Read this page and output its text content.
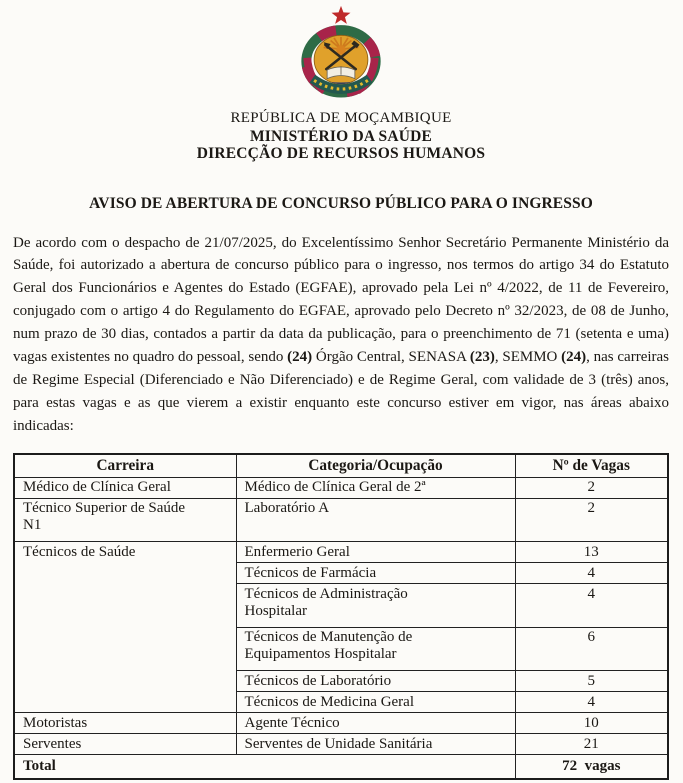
REPÚBLICA DE MOÇAMBIQUE
MINISTÉRIO DA SAÚDE
DIRECÇÃO DE RECURSOS HUMANOS
AVISO DE ABERTURA DE CONCURSO PÚBLICO PARA O INGRESSO

De acordo com o despacho de 21/07/2025, do Excelentíssimo Senhor Secretário Permanente Ministério da Saúde, foi autorizado a abertura de concurso público para o ingresso, nos termos do artigo 34 do Estatuto Geral dos Funcionários e Agentes do Estado (EGFAE), aprovado pela Lei nº 4/2022, de 11 de Fevereiro, conjugado com o artigo 4 do Regulamento do EGFAE, aprovado pelo Decreto nº 32/2023, de 08 de Junho, num prazo de 30 dias, contados a partir da data da publicação, para o preenchimento de 71 (setenta e uma) vagas existentes no quadro do pessoal, sendo (24) Órgão Central, SENASA (23), SEMMO (24), nas carreiras de Regime Especial (Diferenciado e Não Diferenciado) e de Regime Geral, com validade de 3 (três) anos, para estas vagas e as que vierem a existir enquanto este concurso estiver em vigor, nas áreas abaixo indicadas:

Carreira	Categoria/Ocupação	Nº de Vagas
Médico de Clínica Geral	Médico de Clínica Geral de 2ª	2
Técnico Superior de Saúde N1	Laboratório A	2
Técnicos de Saúde	Enfermerio Geral	13
	Técnicos de Farmácia	4
	Técnicos de Administração Hospitalar	4
	Técnicos de Manutenção de Equipamentos Hospitalar	6
	Técnicos de Laboratório	5
	Técnicos de Medicina Geral	4
Motoristas	Agente Técnico	10
Serventes	Serventes de Unidade Sanitária	21
Total		72  vagas
